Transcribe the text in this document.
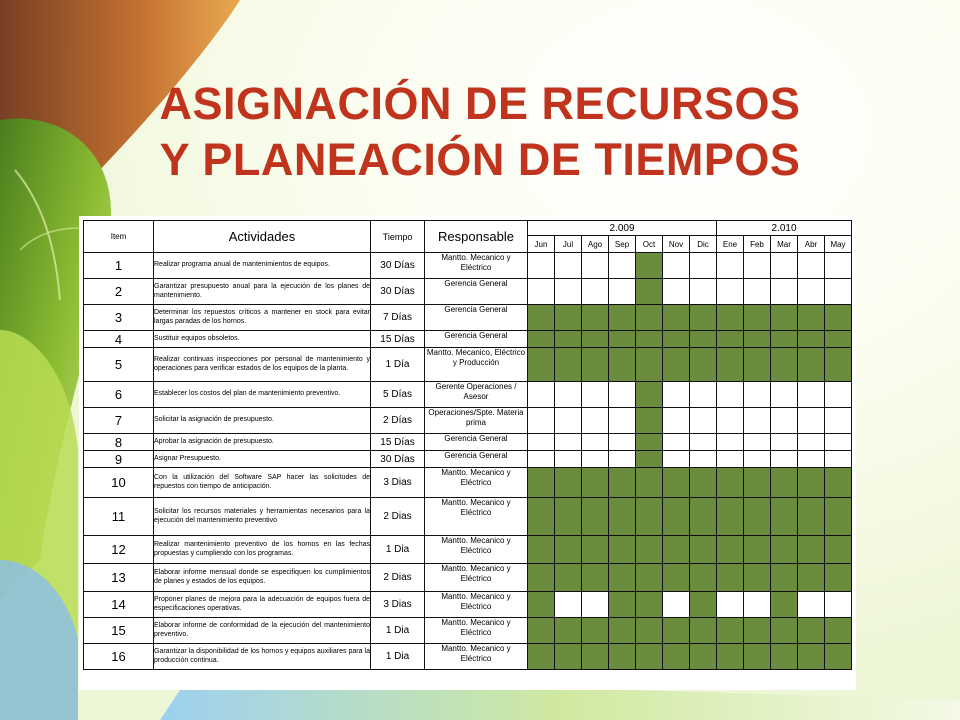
ASIGNACIÓN DE RECURSOS
Y PLANEACIÓN DE TIEMPOS
Item	Actividades	Tiempo	Responsable	2.009							2.010				
				Jun	Jul	Ago	Sep	Oct	Nov	Dic	Ene	Feb	Mar	Abr	May
1	Realizar programa anual de mantenimientos de equipos.	30 Días	Mantto. Mecanico y Eléctrico												
2	Garantizar presupuesto anual para la ejecución de los planes de mantenimiento.	30 Días	Gerencia General												
3	Determinar los repuestos críticos a mantener en stock para evitar largas paradas de los hornos.	7 Días	Gerencia General												
4	Sustituir equipos obsoletos.	15 Días	Gerencia General												
5	Realizar continuas inspecciones por personal de mantenimiento y operaciones para verificar estados de los equipos de la planta.	1 Día	Mantto. Mecanico, Eléctrico y Producción												
6	Establecer los costos del plan de mantenimiento preventivo.	5 Días	Gerente Operaciones / Asesor												
7	Solicitar la asignación de presupuesto.	2 Días	Operaciones/Spte. Materia prima												
8	Aprobar la asignación de presupuesto.	15 Días	Gerencia General												
9	Asignar Presupuesto.	30 Días	Gerencia General												
10	Con la utilización del Software SAP hacer las solicitudes de repuestos con tiempo de anticipación.	3 Dias	Mantto. Mecanico y Eléctrico												
11	Solicitar los recursos materiales y herramientas necesarios para la ejecución del mantenimiento preventivo	2 Dias	Mantto. Mecanico y Eléctrico												
12	Realizar mantenimiento preventivo de los hornos en las fechas propuestas y cumpliendo con los programas.	1 Dia	Mantto. Mecanico y Eléctrico												
13	Elaborar informe mensual donde se especifiquen los cumplimientos de planes y estados de los equipos.	2 Dias	Mantto. Mecanico y Eléctrico												
14	Proponer planes de mejora para la adecuación de equipos fuera de especificaciones operativas.	3 Dias	Mantto. Mecanico y Eléctrico												
15	Elaborar informe de conformidad de la ejecución del mantenimiento preventivo.	1 Dia	Mantto. Mecanico y Eléctrico												
16	Garantizar la disponibilidad de los hornos y equipos auxiliares para la producción continua.	1 Dia	Mantto. Mecanico y Eléctrico												
